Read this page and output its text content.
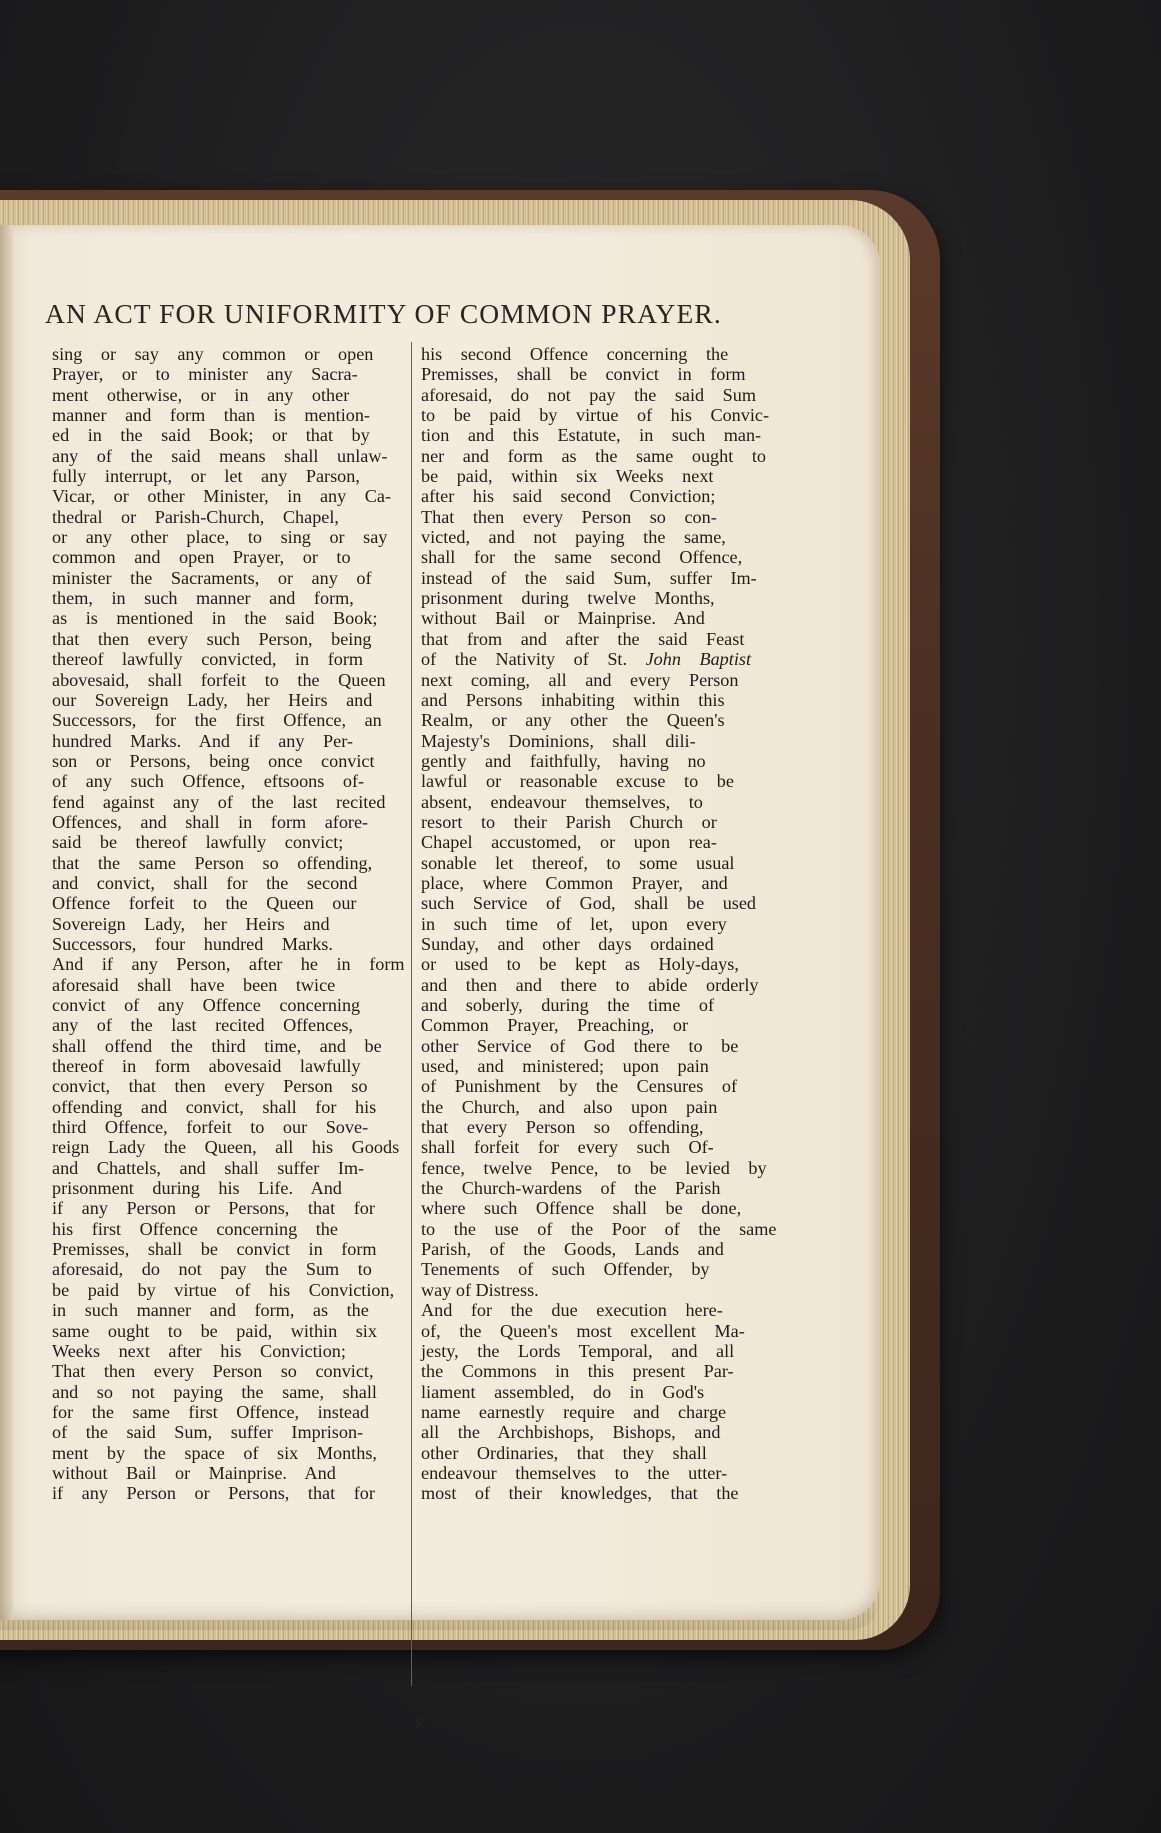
AN ACT FOR UNIFORMITY OF COMMON PRAYER.
sing or say any common or open
Prayer, or to minister any Sacra-
ment otherwise, or in any other
manner and form than is mention-
ed in the said Book; or that by
any of the said means shall unlaw-
fully interrupt, or let any Parson,
Vicar, or other Minister, in any Ca-
thedral or Parish-Church, Chapel,
or any other place, to sing or say
common and open Prayer, or to
minister the Sacraments, or any of
them, in such manner and form,
as is mentioned in the said Book;
that then every such Person, being
thereof lawfully convicted, in form
abovesaid, shall forfeit to the Queen
our Sovereign Lady, her Heirs and
Successors, for the first Offence, an
hundred Marks. And if any Per-
son or Persons, being once convict
of any such Offence, eftsoons of-
fend against any of the last recited
Offences, and shall in form afore-
said be thereof lawfully convict;
that the same Person so offending,
and convict, shall for the second
Offence forfeit to the Queen our
Sovereign Lady, her Heirs and
Successors, four hundred Marks.
And if any Person, after he in form
aforesaid shall have been twice
convict of any Offence concerning
any of the last recited Offences,
shall offend the third time, and be
thereof in form abovesaid lawfully
convict, that then every Person so
offending and convict, shall for his
third Offence, forfeit to our Sove-
reign Lady the Queen, all his Goods
and Chattels, and shall suffer Im-
prisonment during his Life. And
if any Person or Persons, that for
his first Offence concerning the
Premisses, shall be convict in form
aforesaid, do not pay the Sum to
be paid by virtue of his Conviction,
in such manner and form, as the
same ought to be paid, within six
Weeks next after his Conviction;
That then every Person so convict,
and so not paying the same, shall
for the same first Offence, instead
of the said Sum, suffer Imprison-
ment by the space of six Months,
without Bail or Mainprise. And
if any Person or Persons, that for
his second Offence concerning the
Premisses, shall be convict in form
aforesaid, do not pay the said Sum
to be paid by virtue of his Convic-
tion and this Estatute, in such man-
ner and form as the same ought to
be paid, within six Weeks next
after his said second Conviction;
That then every Person so con-
victed, and not paying the same,
shall for the same second Offence,
instead of the said Sum, suffer Im-
prisonment during twelve Months,
without Bail or Mainprise. And
that from and after the said Feast
of the Nativity of St. John Baptist
next coming, all and every Person
and Persons inhabiting within this
Realm, or any other the Queen's
Majesty's Dominions, shall dili-
gently and faithfully, having no
lawful or reasonable excuse to be
absent, endeavour themselves, to
resort to their Parish Church or
Chapel accustomed, or upon rea-
sonable let thereof, to some usual
place, where Common Prayer, and
such Service of God, shall be used
in such time of let, upon every
Sunday, and other days ordained
or used to be kept as Holy-days,
and then and there to abide orderly
and soberly, during the time of
Common Prayer, Preaching, or
other Service of God there to be
used, and ministered; upon pain
of Punishment by the Censures of
the Church, and also upon pain
that every Person so offending,
shall forfeit for every such Of-
fence, twelve Pence, to be levied by
the Church-wardens of the Parish
where such Offence shall be done,
to the use of the Poor of the same
Parish, of the Goods, Lands and
Tenements of such Offender, by
way of Distress.
And for the due execution here-
of, the Queen's most excellent Ma-
jesty, the Lords Temporal, and all
the Commons in this present Par-
liament assembled, do in God's
name earnestly require and charge
all the Archbishops, Bishops, and
other Ordinaries, that they shall
endeavour themselves to the utter-
most of their knowledges, that the
v
